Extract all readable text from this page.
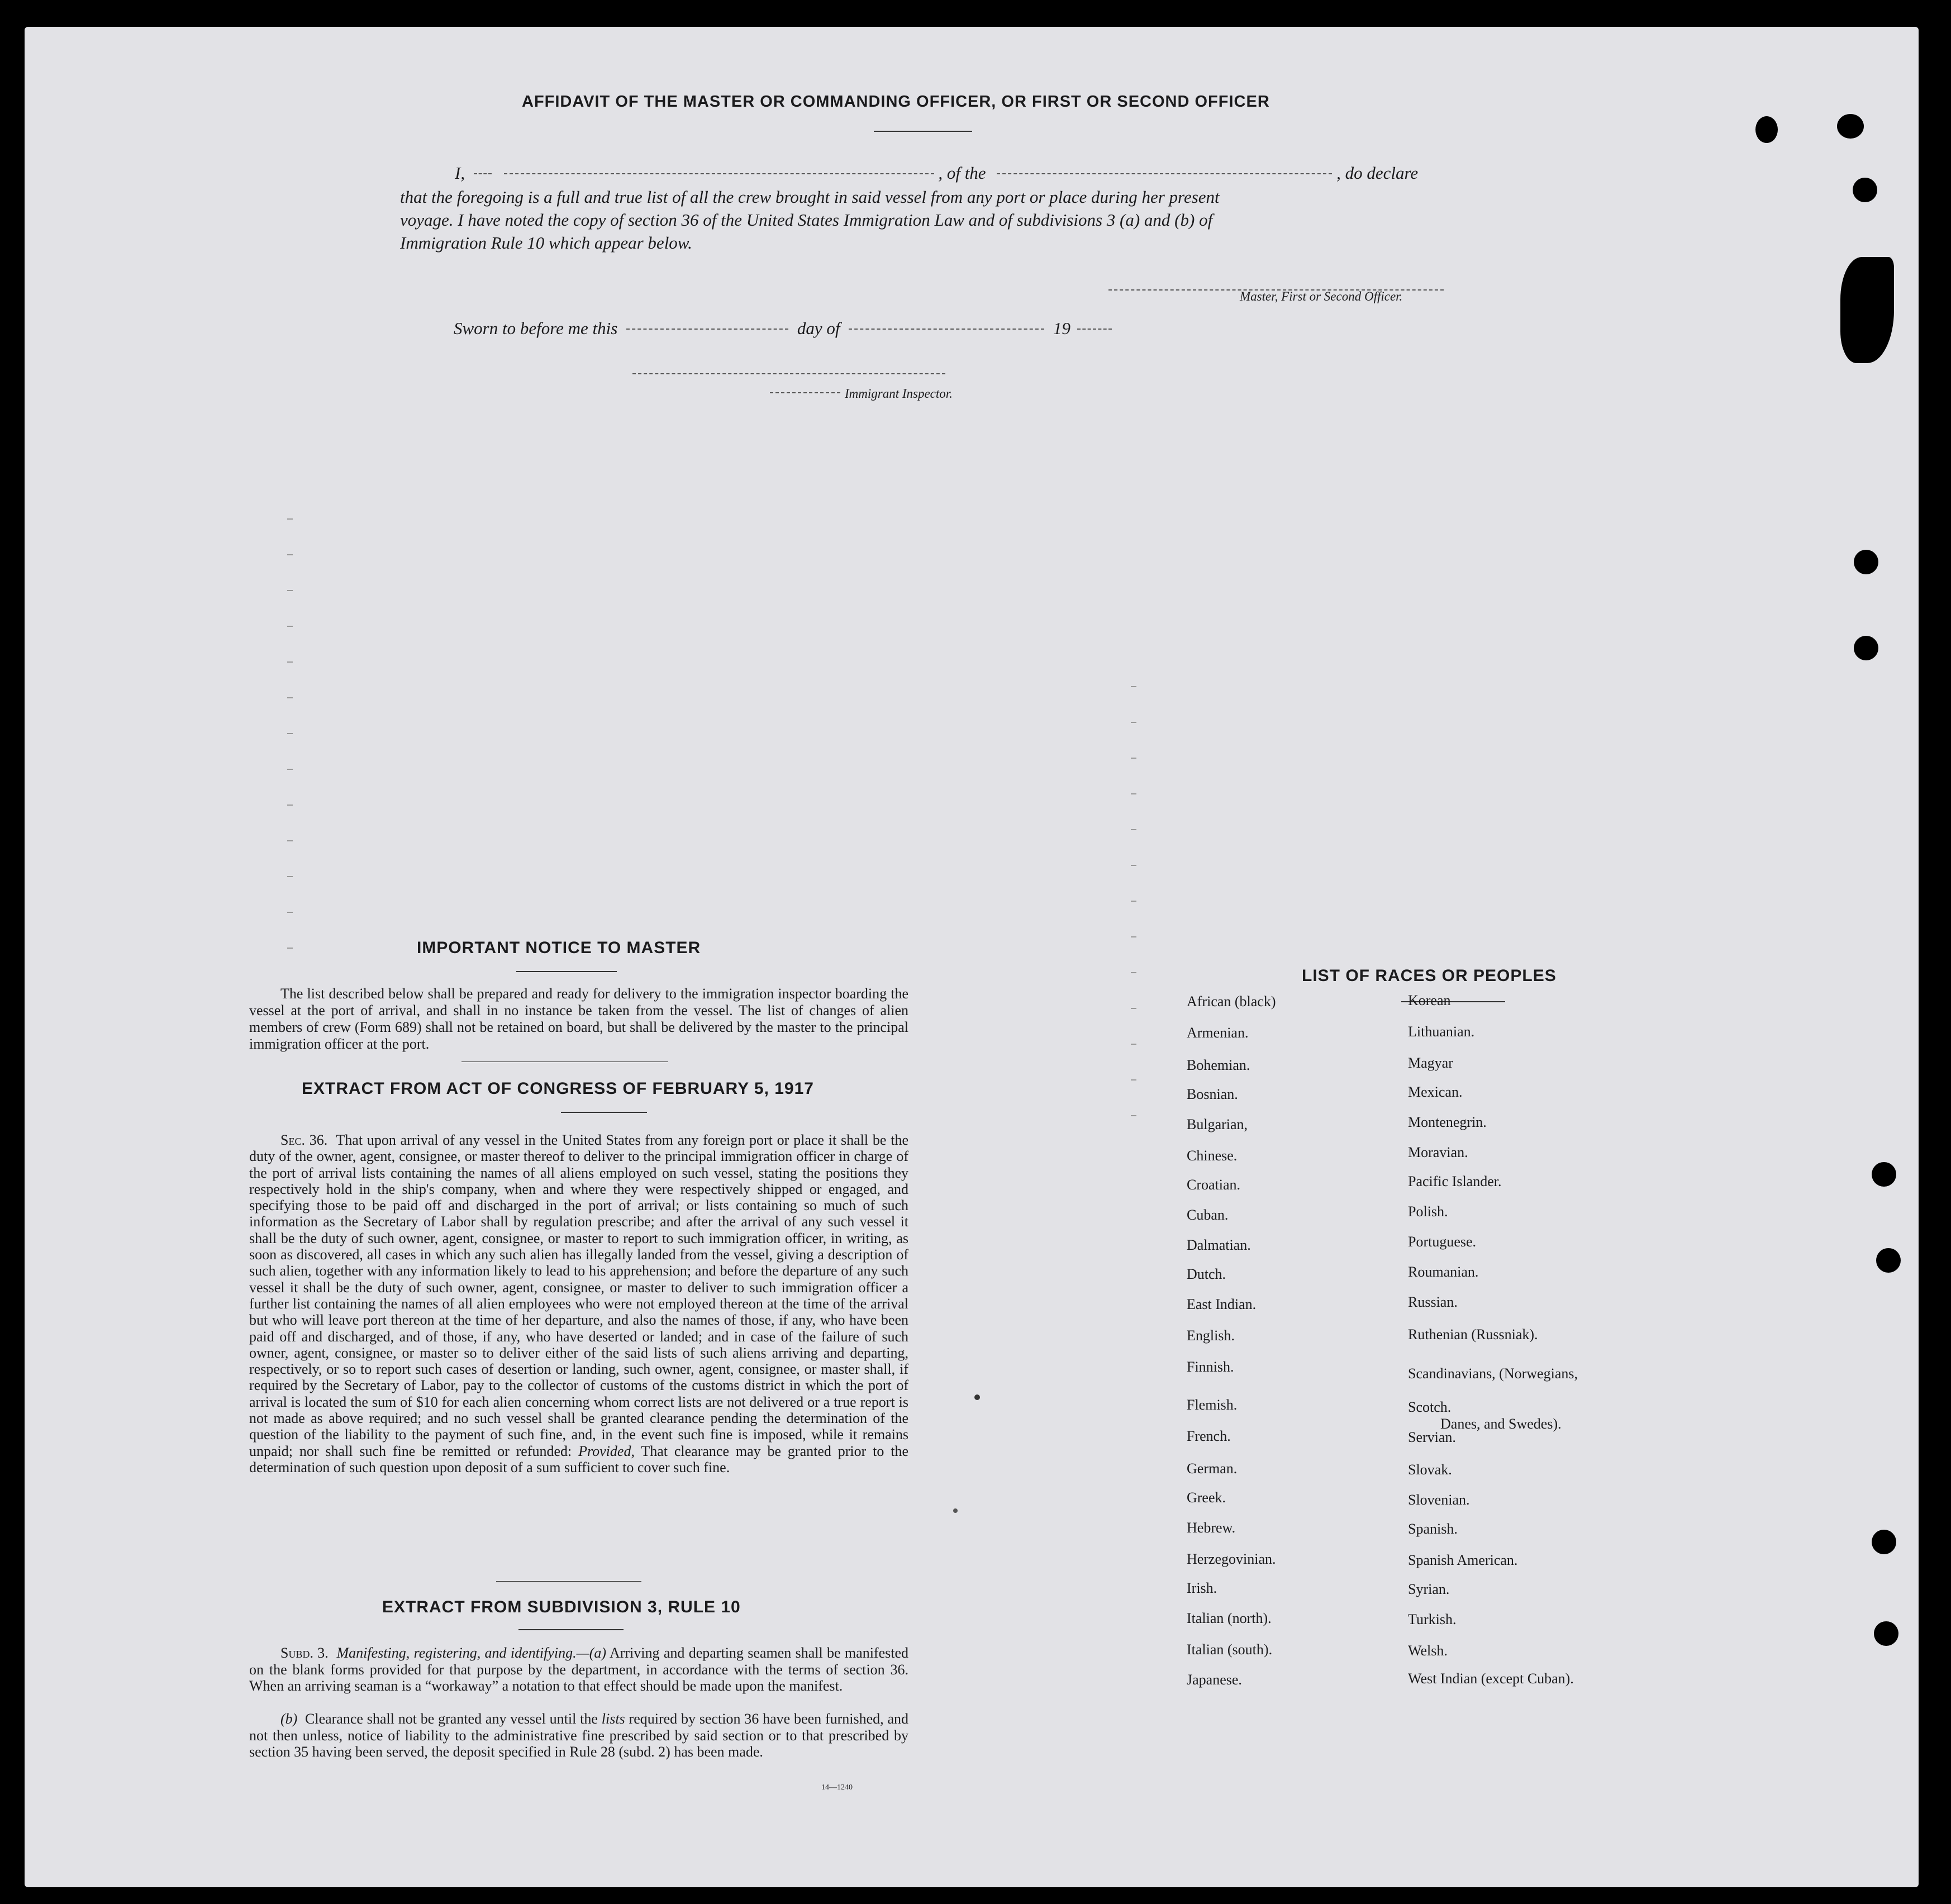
AFFIDAVIT OF THE MASTER OR COMMANDING OFFICER, OR FIRST OR SECOND OFFICER
I,	, of the	, do declare
that the foregoing is a full and true list of all the crew brought in said vessel from any port or place during her present
voyage. I have noted the copy of section 36 of the United States Immigration Law and of subdivisions 3 (a) and (b) of
Immigration Rule 10 which appear below.
Master, First or Second Officer.
Sworn to before me this	day of	19
Immigrant Inspector.
IMPORTANT NOTICE TO MASTER
The list described below shall be prepared and ready for delivery to the immigration inspector boarding the vessel at the port of arrival, and shall in no instance be taken from the vessel. The list of changes of alien members of crew (Form 689) shall not be retained on board, but shall be delivered by the master to the principal immigration officer at the port.
EXTRACT FROM ACT OF CONGRESS OF FEBRUARY 5, 1917
Sec. 36. That upon arrival of any vessel in the United States from any foreign port or place it shall be the duty of the owner, agent, consignee, or master thereof to deliver to the principal immigration officer in charge of the port of arrival lists containing the names of all aliens employed on such vessel, stating the positions they respectively hold in the ship's company, when and where they were respectively shipped or engaged, and specifying those to be paid off and discharged in the port of arrival; or lists containing so much of such information as the Secretary of Labor shall by regulation prescribe; and after the arrival of any such vessel it shall be the duty of such owner, agent, consignee, or master to report to such immigration officer, in writing, as soon as discovered, all cases in which any such alien has illegally landed from the vessel, giving a description of such alien, together with any information likely to lead to his apprehension; and before the departure of any such vessel it shall be the duty of such owner, agent, consignee, or master to deliver to such immigration officer a further list containing the names of all alien employees who were not employed thereon at the time of the arrival but who will leave port thereon at the time of her departure, and also the names of those, if any, who have been paid off and discharged, and of those, if any, who have deserted or landed; and in case of the failure of such owner, agent, consignee, or master so to deliver either of the said lists of such aliens arriving and departing, respectively, or so to report such cases of desertion or landing, such owner, agent, consignee, or master shall, if required by the Secretary of Labor, pay to the collector of customs of the customs district in which the port of arrival is located the sum of $10 for each alien concerning whom correct lists are not delivered or a true report is not made as above required; and no such vessel shall be granted clearance pending the determination of the question of the liability to the payment of such fine, and, in the event such fine is imposed, while it remains unpaid; nor shall such fine be remitted or refunded: Provided, That clearance may be granted prior to the determination of such question upon deposit of a sum sufficient to cover such fine.
EXTRACT FROM SUBDIVISION 3, RULE 10
Subd. 3. Manifesting, registering, and identifying.—(a) Arriving and departing seamen shall be manifested on the blank forms provided for that purpose by the department, in accordance with the terms of section 36. When an arriving seaman is a “workaway” a notation to that effect should be made upon the manifest.
(b) Clearance shall not be granted any vessel until the lists required by section 36 have been furnished, and not then unless, notice of liability to the administrative fine prescribed by said section or to that prescribed by section 35 having been served, the deposit specified in Rule 28 (subd. 2) has been made.
14—1240
LIST OF RACES OR PEOPLES
African (black)
Armenian.
Bohemian.
Bosnian.
Bulgarian,
Chinese.
Croatian.
Cuban.
Dalmatian.
Dutch.
East Indian.
English.
Finnish.
Flemish.
French.
German.
Greek.
Hebrew.
Herzegovinian.
Irish.
Italian (north).
Italian (south).
Japanese.
Korean
Lithuanian.
Magyar
Mexican.
Montenegrin.
Moravian.
Pacific Islander.
Polish.
Portuguese.
Roumanian.
Russian.
Ruthenian (Russniak).
Scandinavians, (Norwegians,
Scotch.
Servian.
Slovak.
Slovenian.
Spanish.
Spanish American.
Syrian.
Turkish.
Welsh.
West Indian (except Cuban).
Danes, and Swedes).
